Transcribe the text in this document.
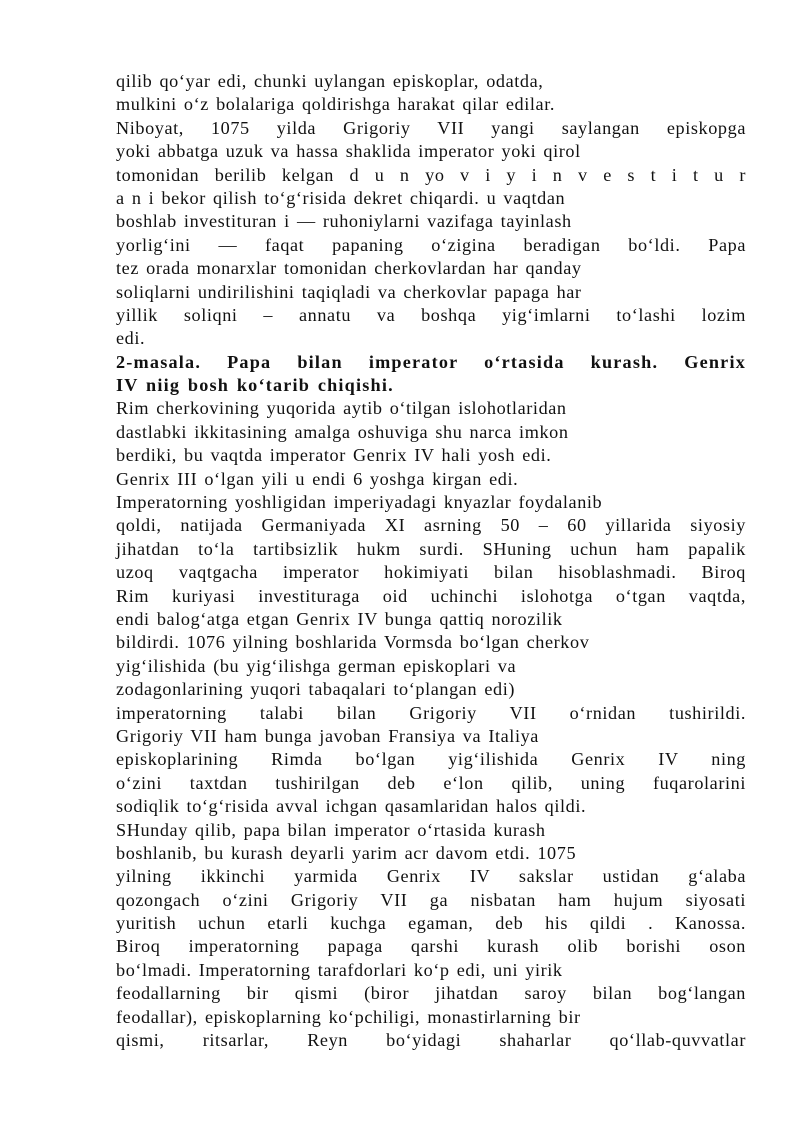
qilib qo‘yar edi, chunki uylangan episkoplar, odatda,
mulkini o‘z bolalariga qoldirishga harakat qilar edilar.
Niboyat, 1075 yilda Grigoriy VII yangi saylangan episkopga
yoki abbatga uzuk va hassa shaklida imperator yoki qirol
tomonidan berilib kelgan d u n yo v i y i n v e s t i t u r
a n i bekor qilish to‘g‘risida dekret chiqardi. u vaqtdan
boshlab investituran i — ruhoniylarni vazifaga tayinlash
yorlig‘ini — faqat papaning o‘zigina beradigan bo‘ldi. Papa
tez orada monarxlar tomonidan cherkovlardan har qanday
soliqlarni undirilishini taqiqladi va cherkovlar papaga har
yillik soliqni – annatu va boshqa yig‘imlarni to‘lashi lozim
edi.
2-masala. Papa bilan imperator o‘rtasida kurash. Genrix
IV niig bosh ko‘tarib chiqishi.
Rim cherkovining yuqorida aytib o‘tilgan islohotlaridan
dastlabki ikkitasining amalga oshuviga shu narca imkon
berdiki, bu vaqtda imperator Genrix IV hali yosh edi.
Genrix III o‘lgan yili u endi 6 yoshga kirgan edi.
Imperatorning yoshligidan imperiyadagi knyazlar foydalanib
qoldi, natijada Germaniyada XI asrning 50 – 60 yillarida siyosiy
jihatdan to‘la tartibsizlik hukm surdi. SHuning uchun ham papalik
uzoq vaqtgacha imperator hokimiyati bilan hisoblashmadi. Biroq
Rim kuriyasi investituraga oid uchinchi islohotga o‘tgan vaqtda,
endi balog‘atga etgan Genrix IV bunga qattiq norozilik
bildirdi. 1076 yilning boshlarida Vormsda bo‘lgan cherkov
yig‘ilishida (bu yig‘ilishga german episkoplari va
zodagonlarining yuqori tabaqalari to‘plangan edi)
imperatorning talabi bilan Grigoriy VII o‘rnidan tushirildi.
Grigoriy VII ham bunga javoban Fransiya va Italiya
episkoplarining Rimda bo‘lgan yig‘ilishida Genrix IV ning
o‘zini taxtdan tushirilgan deb e‘lon qilib, uning fuqarolarini
sodiqlik to‘g‘risida avval ichgan qasamlaridan halos qildi.
SHunday qilib, papa bilan imperator o‘rtasida kurash
boshlanib, bu kurash deyarli yarim acr davom etdi. 1075
yilning ikkinchi yarmida Genrix IV sakslar ustidan g‘alaba
qozongach o‘zini Grigoriy VII ga nisbatan ham hujum siyosati
yuritish uchun etarli kuchga egaman, deb his qildi . Kanossa.
Biroq imperatorning papaga qarshi kurash olib borishi oson
bo‘lmadi. Imperatorning tarafdorlari ko‘p edi, uni yirik
feodallarning bir qismi (biror jihatdan saroy bilan bog‘langan
feodallar), episkoplarning ko‘pchiligi, monastirlarning bir
qismi, ritsarlar, Reyn bo‘yidagi shaharlar qo‘llab-quvvatlar
